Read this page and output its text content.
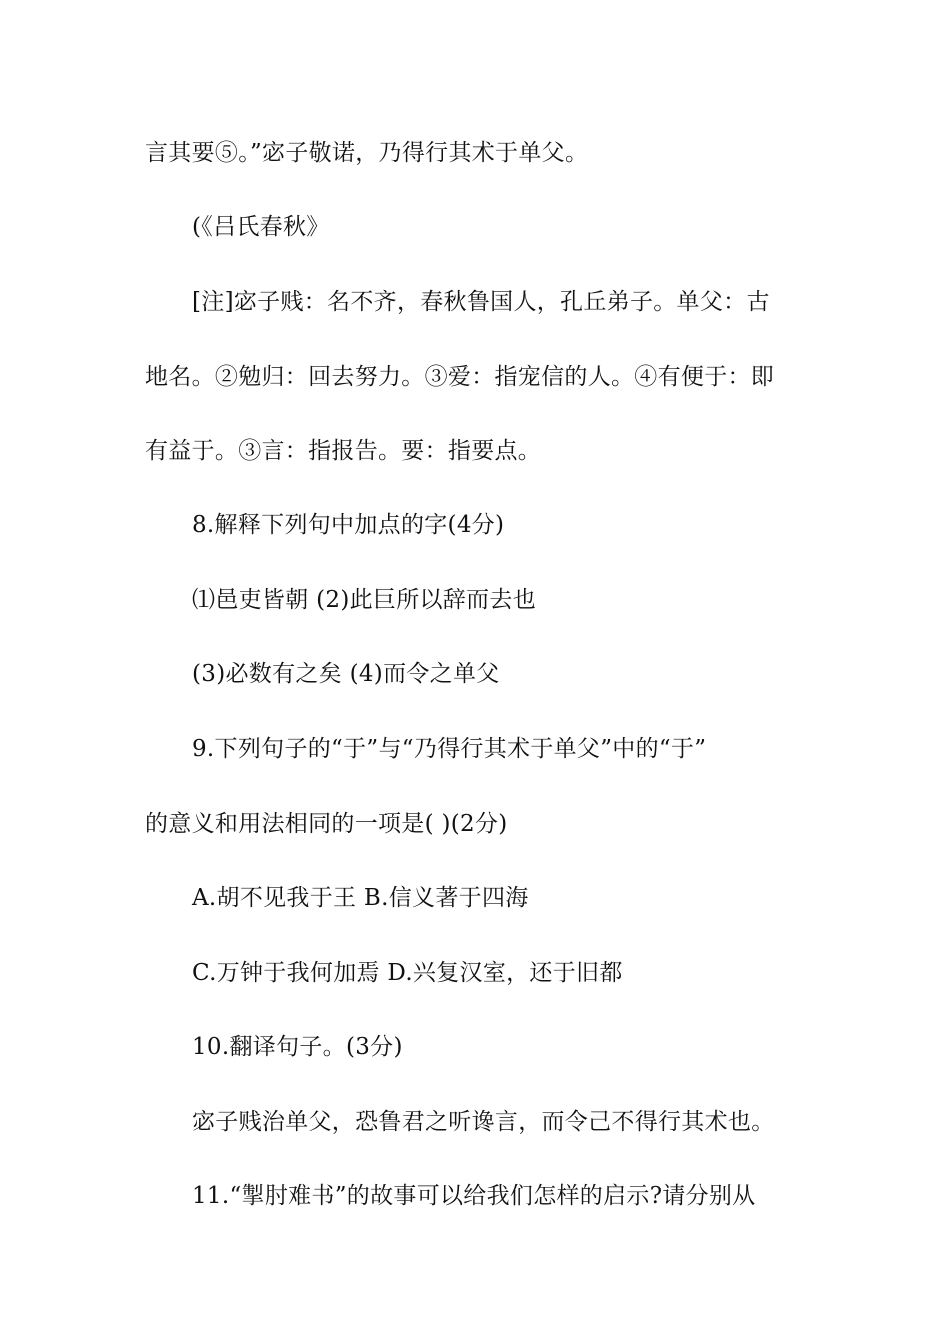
言其要⑤。”宓子敬诺，乃得行其术于单父。
(《吕氏春秋》
[注]宓子贱：名不齐，春秋鲁国人，孔丘弟子。单父：古
地名。②勉归：回去努力。③爱：指宠信的人。④有便于：即
有益于。③言：指报告。要：指要点。
8.解释下列句中加点的字(4分)
⑴邑吏皆朝 (2)此巨所以辞而去也
(3)必数有之矣 (4)而令之单父
9.下列句子的“于”与“乃得行其术于单父”中的“于”
的意义和用法相同的一项是( )(2分)
A.胡不见我于王 B.信义著于四海
C.万钟于我何加焉 D.兴复汉室，还于旧都
10.翻译句子。(3分)
宓子贱治单父，恐鲁君之听谗言，而令己不得行其术也。
11.“掣肘难书”的故事可以给我们怎样的启示?请分别从
